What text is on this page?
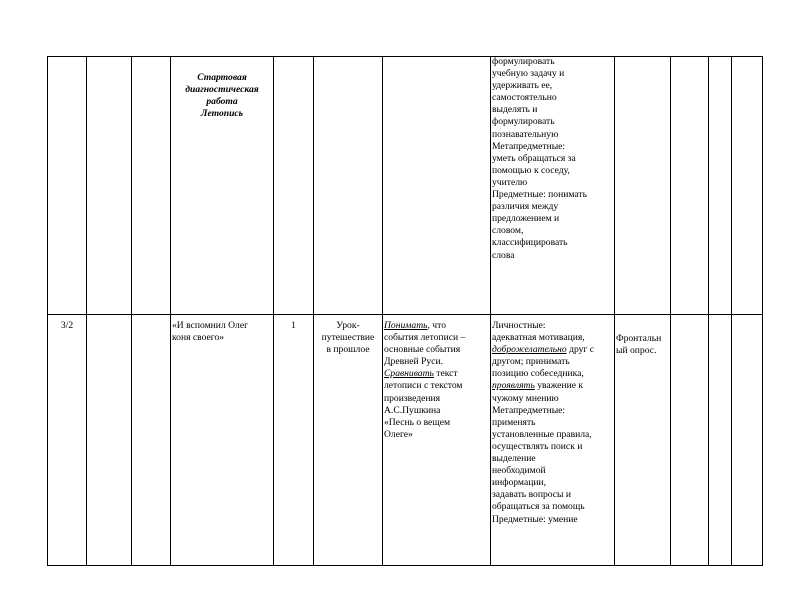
Стартовая
диагностическая
работа
Летопись
формулировать
учебную задачу и
удерживать ее,
самостоятельно
выделять и
формулировать
познавательную
Метапредметные:
уметь обращаться за
помощью к соседу,
учителю
Предметные: понимать
различия между
предложением и
словом,
классифицировать
слова
3/2	«И вспомнил Олег
коня своего»
1	Урок-
путешествие
в прошлое
Понимать, что
события летописи –
основные события
Древней Руси.
Сравнивать текст
летописи с текстом
произведения
А.С.Пушкина
«Песнь о вещем
Олеге»
Личностные:
адекватная мотивация,
доброжелательно друг с
другом; принимать
позицию собеседника,
проявлять уважение к
чужому мнению
Метапредметные:
применять
установленные правила,
осуществлять поиск и
выделение
необходимой
информации,
задавать вопросы и
обращаться за помощь
Предметные: умение
Фронтальн
ый опрос.
